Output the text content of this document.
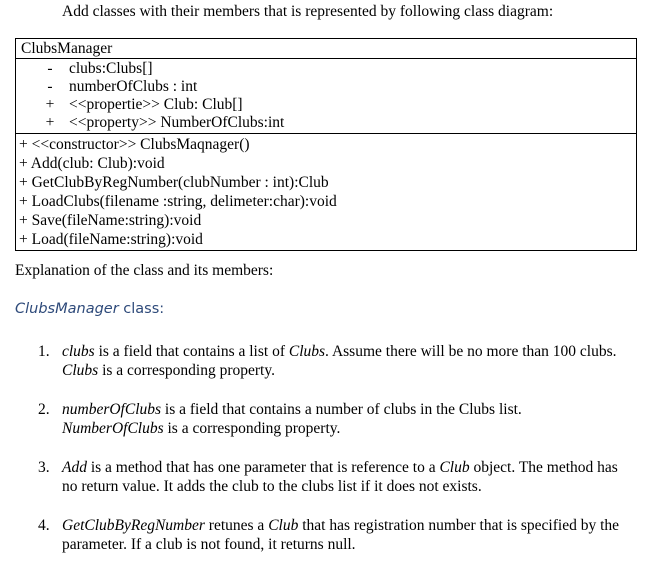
Add classes with their members that is represented by following class diagram:
ClubsManager
- clubs:Clubs[]
- numberOfClubs : int
+ <<propertie>> Club: Club[]
+ <<property>> NumberOfClubs:int
+ <<constructor>> ClubsMaqnager()
+ Add(club: Club):void
+ GetClubByRegNumber(clubNumber : int):Club
+ LoadClubs(filename :string, delimeter:char):void
+ Save(fileName:string):void
+ Load(fileName:string):void
Explanation of the class and its members:
ClubsManager class:
1. clubs is a field that contains a list of Clubs. Assume there will be no more than 100 clubs.
Clubs is a corresponding property.
2. numberOfClubs is a field that contains a number of clubs in the Clubs list.
NumberOfClubs is a corresponding property.
3. Add is a method that has one parameter that is reference to a Club object. The method has
no return value. It adds the club to the clubs list if it does not exists.
4. GetClubByRegNumber retunes a Club that has registration number that is specified by the
parameter. If a club is not found, it returns null.
